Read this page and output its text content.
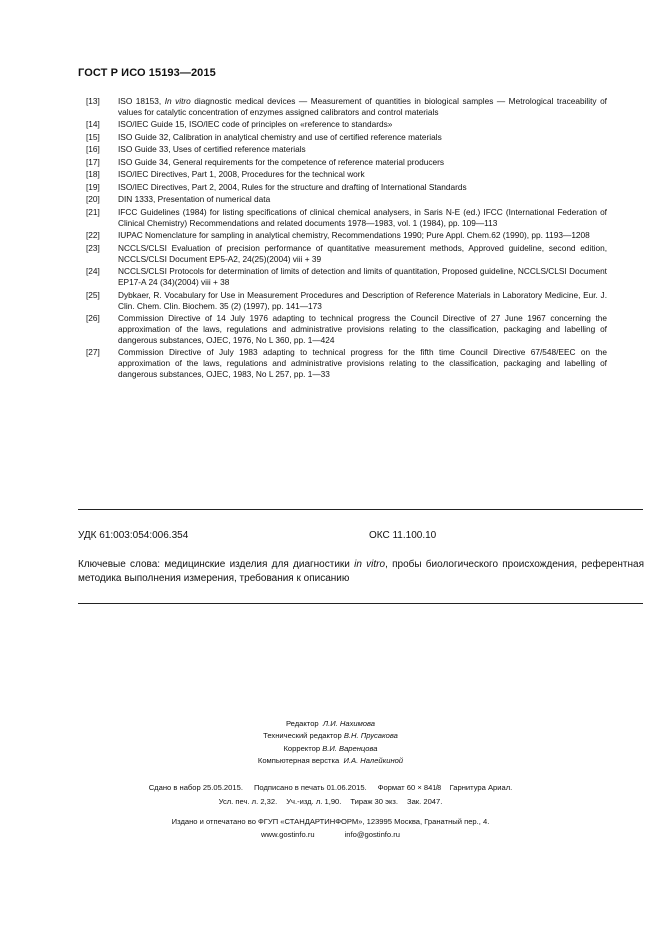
ГОСТ Р ИСО 15193—2015
[13] ISO 18153, In vitro diagnostic medical devices — Measurement of quantities in biological samples — Metrological traceability of values for catalytic concentration of enzymes assigned calibrators and control materials
[14] ISO/IEC Guide 15, ISO/IEC code of principles on «reference to standards»
[15] ISO Guide 32, Calibration in analytical chemistry and use of certified reference materials
[16] ISO Guide 33, Uses of certified reference materials
[17] ISO Guide 34, General requirements for the competence of reference material producers
[18] ISO/IEC Directives, Part 1, 2008, Procedures for the technical work
[19] ISO/IEC Directives, Part 2, 2004, Rules for the structure and drafting of International Standards
[20] DIN 1333, Presentation of numerical data
[21] IFCC Guidelines (1984) for listing specifications of clinical chemical analysers, in Saris N-E (ed.) IFCC (International Federation of Clinical Chemistry) Recommendations and related documents 1978—1983, vol. 1 (1984), pp. 109—113
[22] IUPAC Nomenclature for sampling in analytical chemistry, Recommendations 1990; Pure Appl. Chem.62 (1990), pp. 1193—1208
[23] NCCLS/CLSI Evaluation of precision performance of quantitative measurement methods, Approved guideline, second edition, NCCLS/CLSI Document EP5-A2, 24(25)(2004) viii + 39
[24] NCCLS/CLSI Protocols for determination of limits of detection and limits of quantitation, Proposed guideline, NCCLS/CLSI Document EP17-A 24 (34)(2004) viii + 38
[25] Dybkaer, R. Vocabulary for Use in Measurement Procedures and Description of Reference Materials in Laboratory Medicine, Eur. J. Clin. Chem. Clin. Biochem. 35 (2) (1997), pp. 141—173
[26] Commission Directive of 14 July 1976 adapting to technical progress the Council Directive of 27 June 1967 concerning the approximation of the laws, regulations and administrative provisions relating to the classification, packaging and labelling of dangerous substances, OJEC, 1976, No L 360, pp. 1—424
[27] Commission Directive of July 1983 adapting to technical progress for the fifth time Council Directive 67/548/EEC on the approximation of the laws, regulations and administrative provisions relating to the classification, packaging and labelling of dangerous substances, OJEC, 1983, No L 257, pp. 1—33
УДК 61:003:054:006.354	ОКС 11.100.10
Ключевые слова: медицинские изделия для диагностики in vitro, пробы биологического происхождения, референтная методика выполнения измерения, требования к описанию
Редактор Л.И. Нахимова
Технический редактор В.Н. Прусакова
Корректор В.И. Варенцова
Компьютерная верстка И.А. Налейкиной
Сдано в набор 25.05.2015. Подписано в печать 01.06.2015. Формат 60 × 841/8 Гарнитура Ариал.
Усл. печ. л. 2,32. Уч.-изд. л. 1,90. Тираж 30 экз. Зак. 2047.
Издано и отпечатано во ФГУП «СТАНДАРТИНФОРМ», 123995 Москва, Гранатный пер., 4.
www.gostinfo.ru	info@gostinfo.ru
